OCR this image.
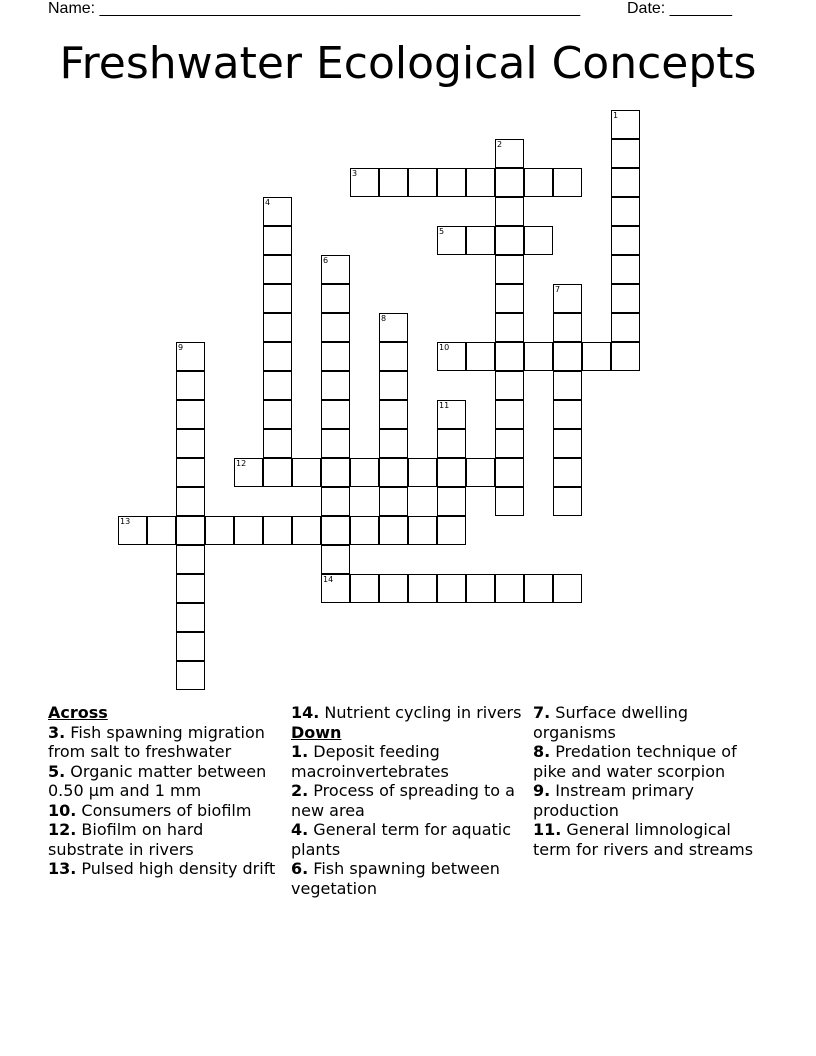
Name: ______________________________________________________	Date: _______
Freshwater Ecological Concepts
1
2
3
4
5
6
14
7
8
9	10
11
12
13
Across
3. Fish spawning migration from salt to freshwater
5. Organic matter between 0.50 µm and 1 mm
10. Consumers of biofilm
12. Biofilm on hard substrate in rivers
13. Pulsed high density drift
14. Nutrient cycling in rivers
Down
1. Deposit feeding macroinvertebrates
2. Process of spreading to a new area
4. General term for aquatic plants
6. Fish spawning between vegetation
7. Surface dwelling organisms
8. Predation technique of pike and water scorpion
9. Instream primary production
11. General limnological term for rivers and streams
